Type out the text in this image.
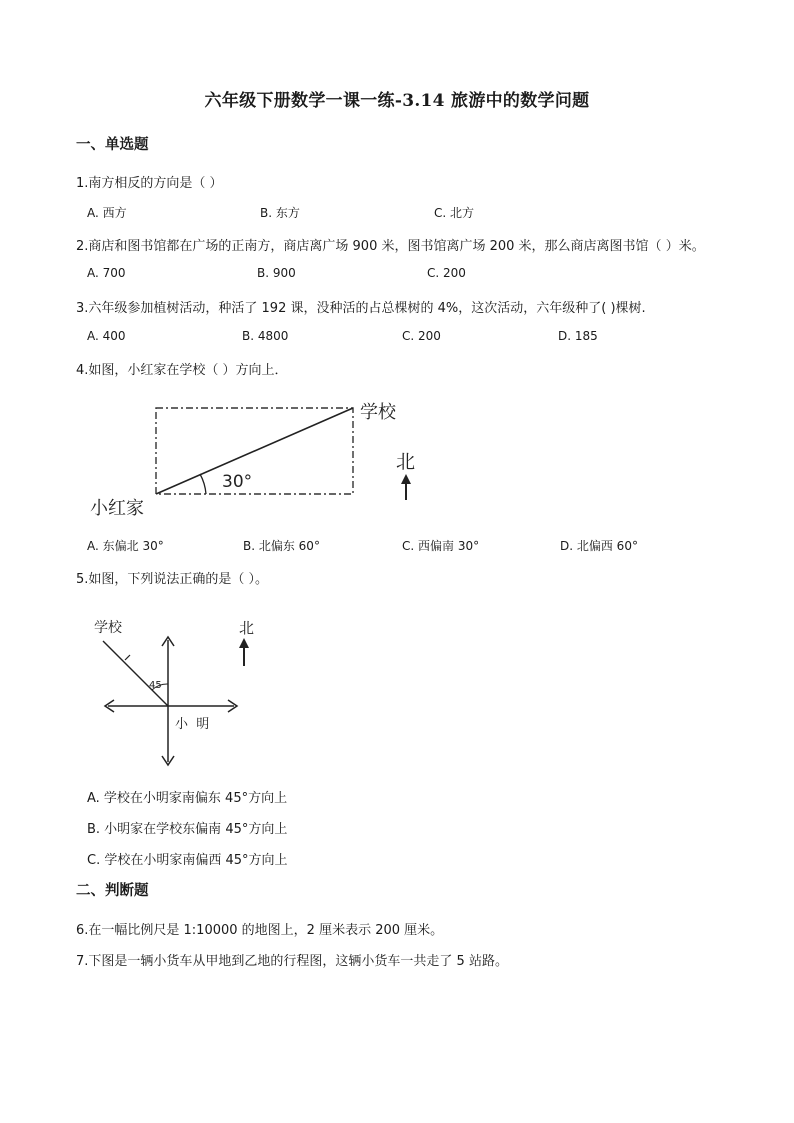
六年级下册数学一课一练-3.14 旅游中的数学问题
一、单选题
1.南方相反的方向是（ ）
A. 西方	B. 东方	C. 北方
2.商店和图书馆都在广场的正南方，商店离广场 900 米，图书馆离广场 200 米，那么商店离图书馆（ ）米。
A. 700	B. 900	C. 200
3.六年级参加植树活动，种活了 192 课，没种活的占总棵树的 4%，这次活动，六年级种了( )棵树.
A. 400	B. 4800	C. 200	D. 185
4.如图，小红家在学校（ ）方向上．
30°
小红家
学校
北
A. 东偏北 30°	B. 北偏东 60°	C. 西偏南 30°	D. 北偏西 60°
5.如图，下列说法正确的是（ ）。
45
学校
小  明
北
A. 学校在小明家南偏东 45°方向上
B. 小明家在学校东偏南 45°方向上
C. 学校在小明家南偏西 45°方向上
二、判断题
6.在一幅比例尺是 1:10000 的地图上，2 厘米表示 200 厘米。
7.下图是一辆小货车从甲地到乙地的行程图，这辆小货车一共走了 5 站路。
